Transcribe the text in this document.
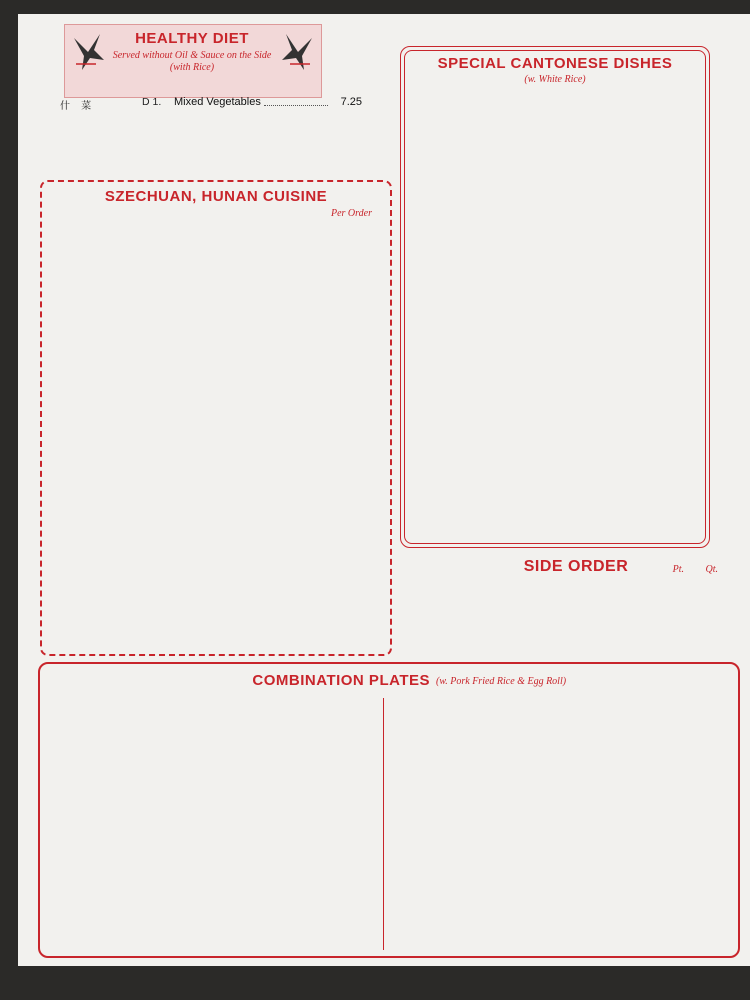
HEALTHY DIET
Served without Oil & Sauce on the Side
(with Rice)
什 菜	D 1. Mixed Vegetables	7.25
SZECHUAN, HUNAN CUISINE
Per Order
SPECIAL CANTONESE DISHES
(w. White Rice)
SIDE ORDER	Pt.	Qt.
COMBINATION PLATES (w. Pork Fried Rice & Egg Roll)
